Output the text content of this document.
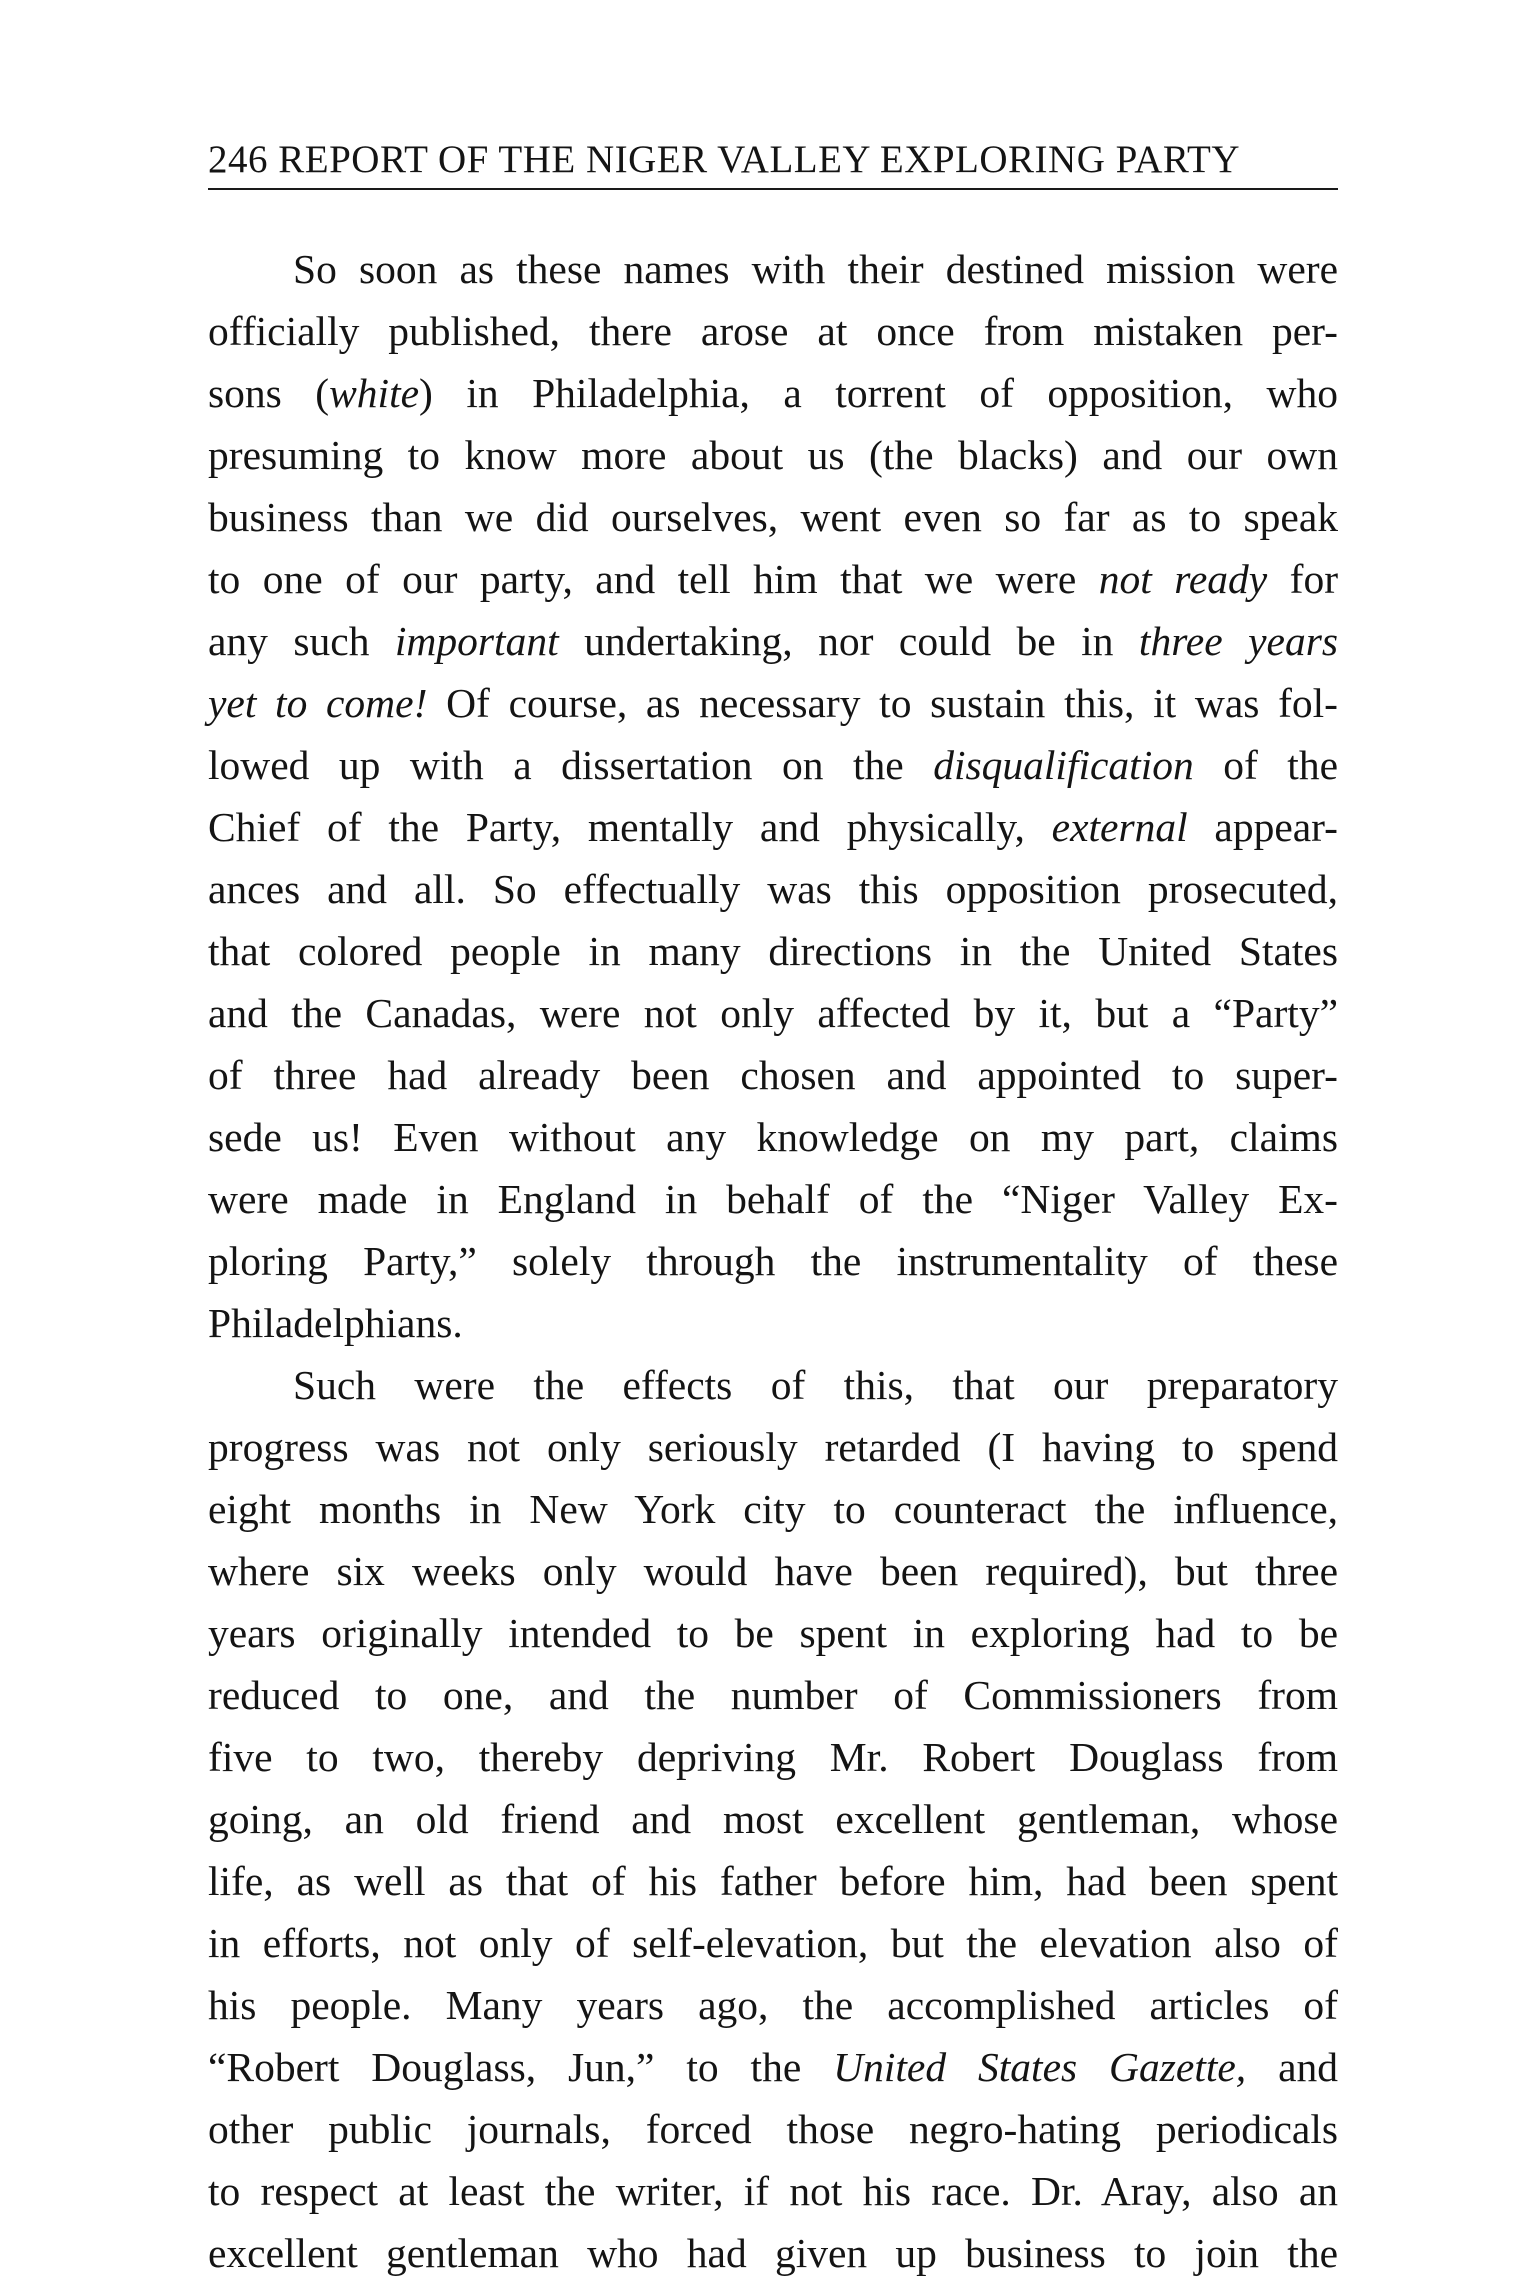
246 REPORT OF THE NIGER VALLEY EXPLORING PARTY
So soon as these names with their destined mission were
officially published, there arose at once from mistaken per-
sons (white) in Philadelphia, a torrent of opposition, who
presuming to know more about us (the blacks) and our own
business than we did ourselves, went even so far as to speak
to one of our party, and tell him that we were not ready for
any such important undertaking, nor could be in three years
yet to come! Of course, as necessary to sustain this, it was fol-
lowed up with a dissertation on the disqualification of the
Chief of the Party, mentally and physically, external appear-
ances and all. So effectually was this opposition prosecuted,
that colored people in many directions in the United States
and the Canadas, were not only affected by it, but a “Party”
of three had already been chosen and appointed to super-
sede us! Even without any knowledge on my part, claims
were made in England in behalf of the “Niger Valley Ex-
ploring Party,” solely through the instrumentality of these
Philadelphians.
Such were the effects of this, that our preparatory
progress was not only seriously retarded (I having to spend
eight months in New York city to counteract the influence,
where six weeks only would have been required), but three
years originally intended to be spent in exploring had to be
reduced to one, and the number of Commissioners from
five to two, thereby depriving Mr. Robert Douglass from
going, an old friend and most excellent gentleman, whose
life, as well as that of his father before him, had been spent
in efforts, not only of self-elevation, but the elevation also of
his people. Many years ago, the accomplished articles of
“Robert Douglass, Jun,” to the United States Gazette, and
other public journals, forced those negro-hating periodicals
to respect at least the writer, if not his race. Dr. Aray, also an
excellent gentleman who had given up business to join the
